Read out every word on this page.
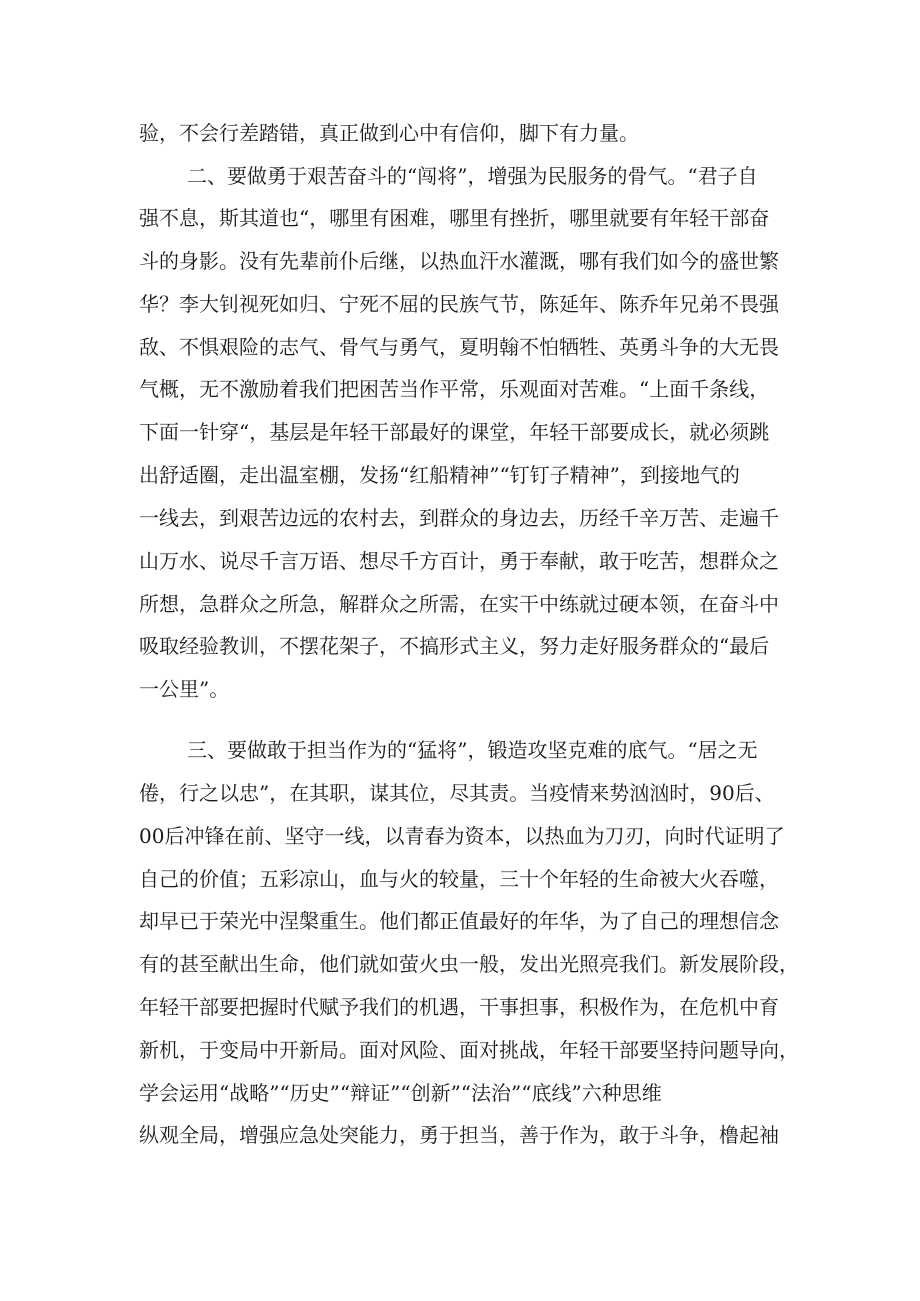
验，不会行差踏错，真正做到心中有信仰，脚下有力量。
二、要做勇于艰苦奋斗的“闯将”，增强为民服务的骨气。“君子自
强不息，斯其道也“，哪里有困难，哪里有挫折，哪里就要有年轻干部奋
斗的身影。没有先辈前仆后继，以热血汗水灌溉，哪有我们如今的盛世繁
华？李大钊视死如归、宁死不屈的民族气节，陈延年、陈乔年兄弟不畏强
敌、不惧艰险的志气、骨气与勇气，夏明翰不怕牺牲、英勇斗争的大无畏
气概，无不激励着我们把困苦当作平常，乐观面对苦难。“上面千条线，
下面一针穿“，基层是年轻干部最好的课堂，年轻干部要成长，就必须跳
出舒适圈，走出温室棚，发扬“红船精神”“钉钉子精神”，到接地气的
一线去，到艰苦边远的农村去，到群众的身边去，历经千辛万苦、走遍千
山万水、说尽千言万语、想尽千方百计，勇于奉献，敢于吃苦，想群众之
所想，急群众之所急，解群众之所需，在实干中练就过硬本领，在奋斗中
吸取经验教训，不摆花架子，不搞形式主义，努力走好服务群众的“最后
一公里”。
三、要做敢于担当作为的“猛将”，锻造攻坚克难的底气。“居之无
倦，行之以忠”，在其职，谋其位，尽其责。当疫情来势汹汹时，90后、
00后冲锋在前、坚守一线，以青春为资本，以热血为刀刃，向时代证明了
自己的价值；五彩凉山，血与火的较量，三十个年轻的生命被大火吞噬，
却早已于荣光中涅槃重生。他们都正值最好的年华，为了自己的理想信念
有的甚至献出生命，他们就如萤火虫一般，发出光照亮我们。新发展阶段，
年轻干部要把握时代赋予我们的机遇，干事担事，积极作为，在危机中育
新机，于变局中开新局。面对风险、面对挑战，年轻干部要坚持问题导向，
学会运用“战略”“历史”“辩证”“创新”“法治”“底线”六种思维
纵观全局，增强应急处突能力，勇于担当，善于作为，敢于斗争，橹起袖
